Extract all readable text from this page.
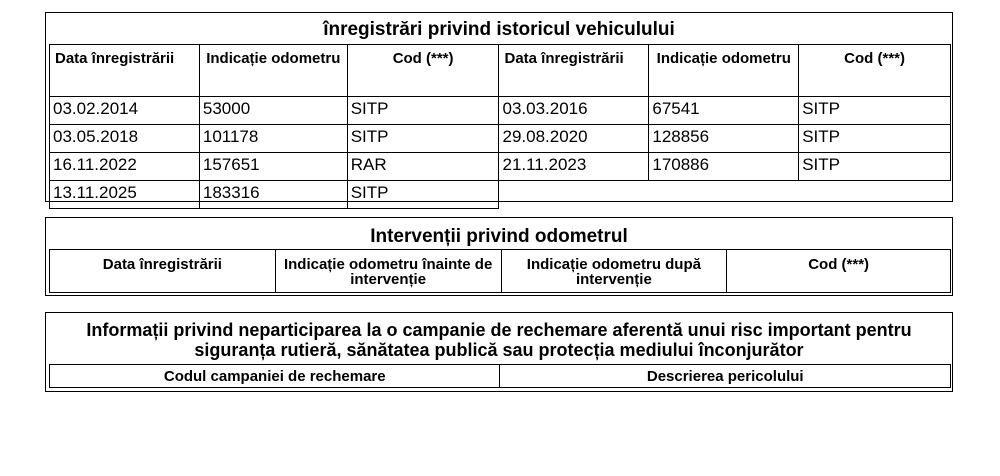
înregistrări privind istoricul vehiculului
Data înregistrării	Indicație odometru	Cod (***)	Data înregistrării	Indicație odometru	Cod (***)
03.02.2014	53000	SITP	03.03.2016	67541	SITP
03.05.2018	101178	SITP	29.08.2020	128856	SITP
16.11.2022	157651	RAR	21.11.2023	170886	SITP
13.11.2025	183316	SITP			
Intervenții privind odometrul
Data înregistrării	Indicație odometru înainte de intervenție	Indicație odometru după intervenție	Cod (***)
Informații privind neparticiparea la o campanie de rechemare aferentă unui risc important pentru siguranța rutieră, sănătatea publică sau protecția mediului înconjurător
Codul campaniei de rechemare	Descrierea pericolului
